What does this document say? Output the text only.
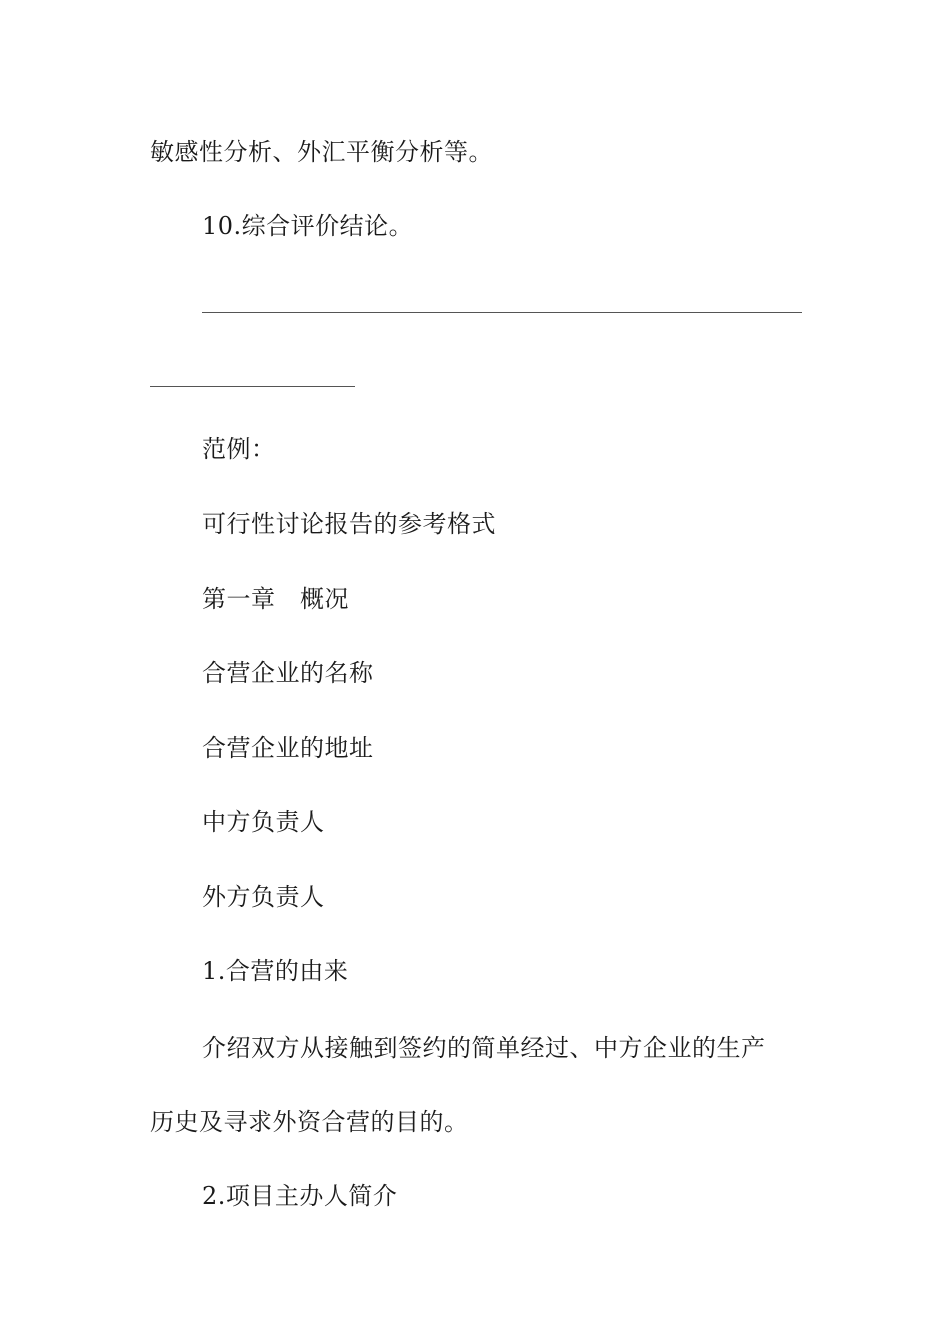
敏感性分析、外汇平衡分析等。
10.综合评价结论。
范例：
可行性讨论报告的参考格式
第一章　概况
合营企业的名称
合营企业的地址
中方负责人
外方负责人
1.合营的由来
介绍双方从接触到签约的简单经过、中方企业的生产
历史及寻求外资合营的目的。
2.项目主办人简介
